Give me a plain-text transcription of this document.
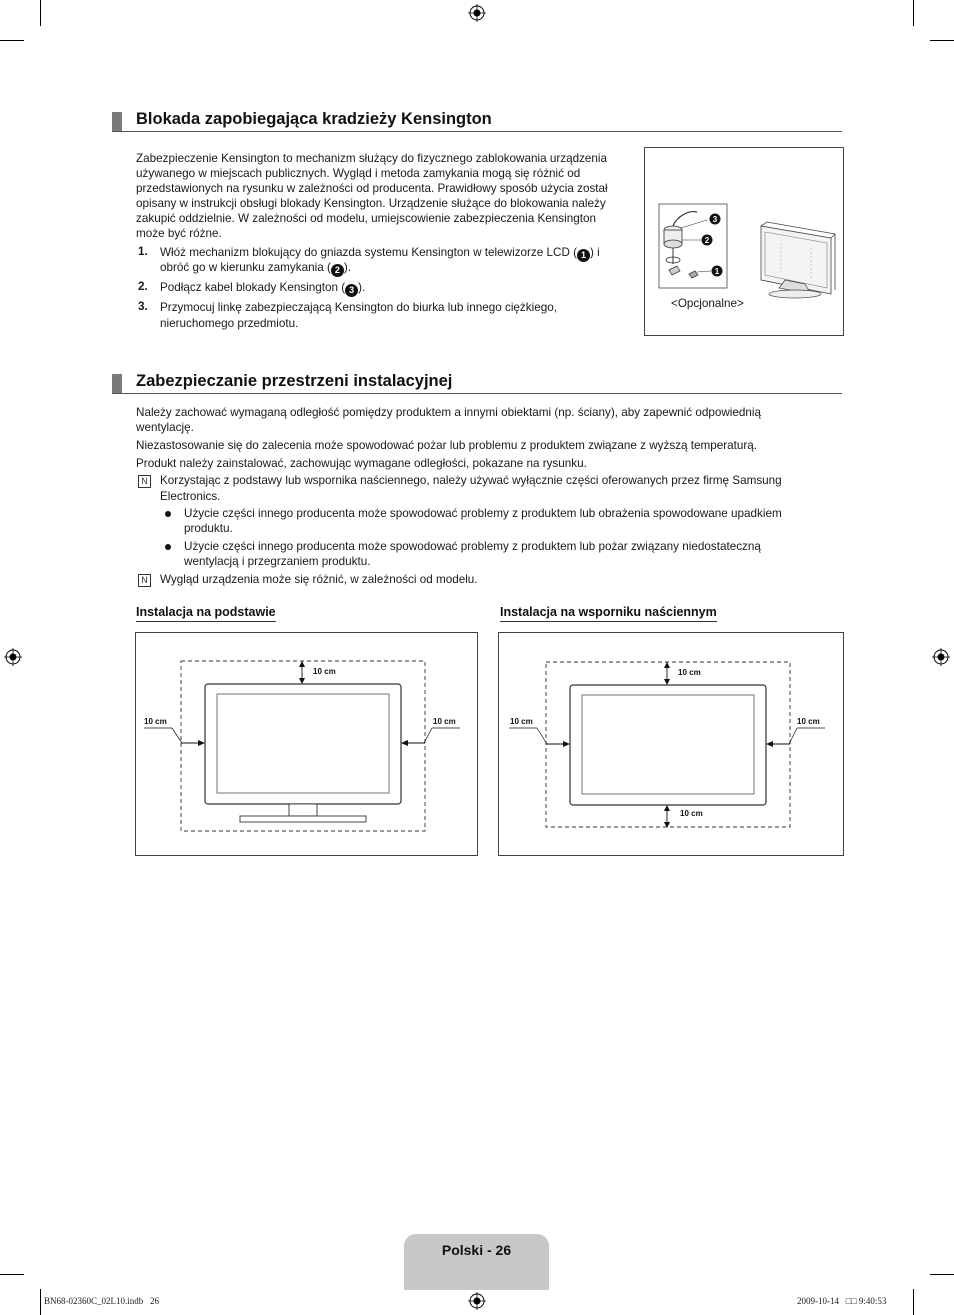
Blokada zapobiegająca kradzieży Kensington
Zabezpieczenie Kensington to mechanizm służący do fizycznego zablokowania urządzenia
używanego w miejscach publicznych. Wygląd i metoda zamykania mogą się różnić od
przedstawionych na rysunku w zależności od producenta. Prawidłowy sposób użycia został
opisany w instrukcji obsługi blokady Kensington. Urządzenie służące do blokowania należy
zakupić oddzielnie. W zależności od modelu, umiejscowienie zabezpieczenia Kensington
może być różne.
1. Włóż mechanizm blokujący do gniazda systemu Kensington w telewizorze LCD ( 1 ) i
obróć go w kierunku zamykania ( 2 ).
2. Podłącz kabel blokady Kensington ( 3 ).
3. Przymocuj linkę zabezpieczającą Kensington do biurka lub innego ciężkiego,
nieruchomego przedmiotu.
3
2
1
<Opcjonalne>
Zabezpieczanie przestrzeni instalacyjnej
Należy zachować wymaganą odległość pomiędzy produktem a innymi obiektami (np. ściany), aby zapewnić odpowiednią
wentylację.
Niezastosowanie się do zalecenia może spowodować pożar lub problemu z produktem związane z wyższą temperaturą.
Produkt należy zainstalować, zachowując wymagane odległości, pokazane na rysunku.
N Korzystając z podstawy lub wspornika naściennego, należy używać wyłącznie części oferowanych przez firmę Samsung
Electronics.
Użycie części innego producenta może spowodować problemy z produktem lub obrażenia spowodowane upadkiem
produktu.
Użycie części innego producenta może spowodować problemy z produktem lub pożar związany niedostateczną
wentylacją i przegrzaniem produktu.
N Wygląd urządzenia może się różnić, w zależności od modelu.
Instalacja na podstawie	Instalacja na wsporniku naściennym
10 cm
10 cm	10 cm
10 cm
10 cm
10 cm	10 cm
Polski - 26
BN68-02360C_02L10.indb   26	2009-10-14   □□ 9:40:53
